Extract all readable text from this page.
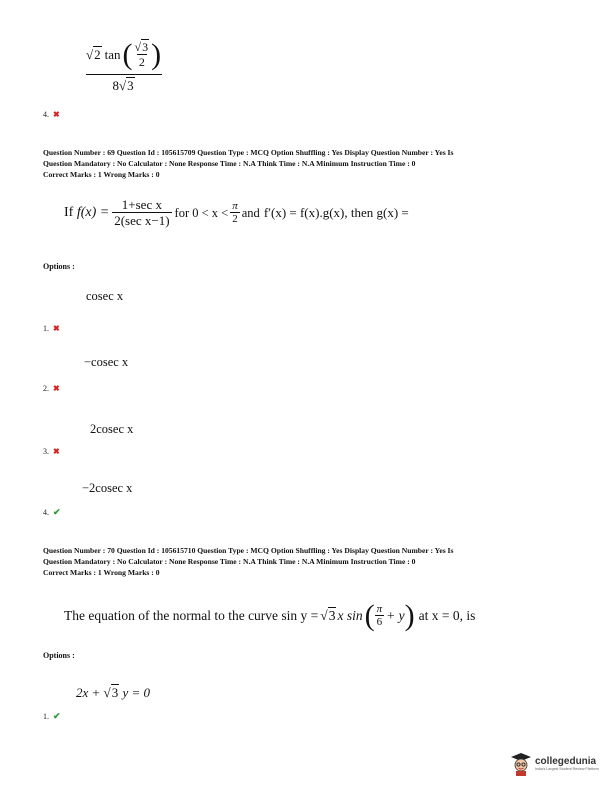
√ 2 tan ( $\frac{√3}{2}$ )
8√3
4. ✖
Question Number : 69 Question Id : 105615709 Question Type : MCQ Option Shuffling : Yes Display Question Number : Yes Is
Question Mandatory : No Calculator : None Response Time : N.A Think Time : N.A Minimum Instruction Time : 0
Correct Marks : 1 Wrong Marks : 0
If
$f(x) = \frac{\text{1+sec x}}{\text{2(sec x−1)}}$ for $0 < x < \frac{\pi}{2}$ and f′(x) = f(x).g(x), then g(x) =
Options :
cosec x
1. ✖
−cosec x
2. ✖
2cosec x
3. ✖
−2cosec x
4. ✔
Question Number : 70 Question Id : 105615710 Question Type : MCQ Option Shuffling : Yes Display Question Number : Yes Is
Question Mandatory : No Calculator : None Response Time : N.A Think Time : N.A Minimum Instruction Time : 0
Correct Marks : 1 Wrong Marks : 0
The equation of the normal to the curve sin y = √ 3 x sin ( $\frac{\pi}{6} + y$ ) at x = 0, is
Options :
2x + √3 y = 0
1. ✔
collegedunia
India's Largest Student Review Platform
